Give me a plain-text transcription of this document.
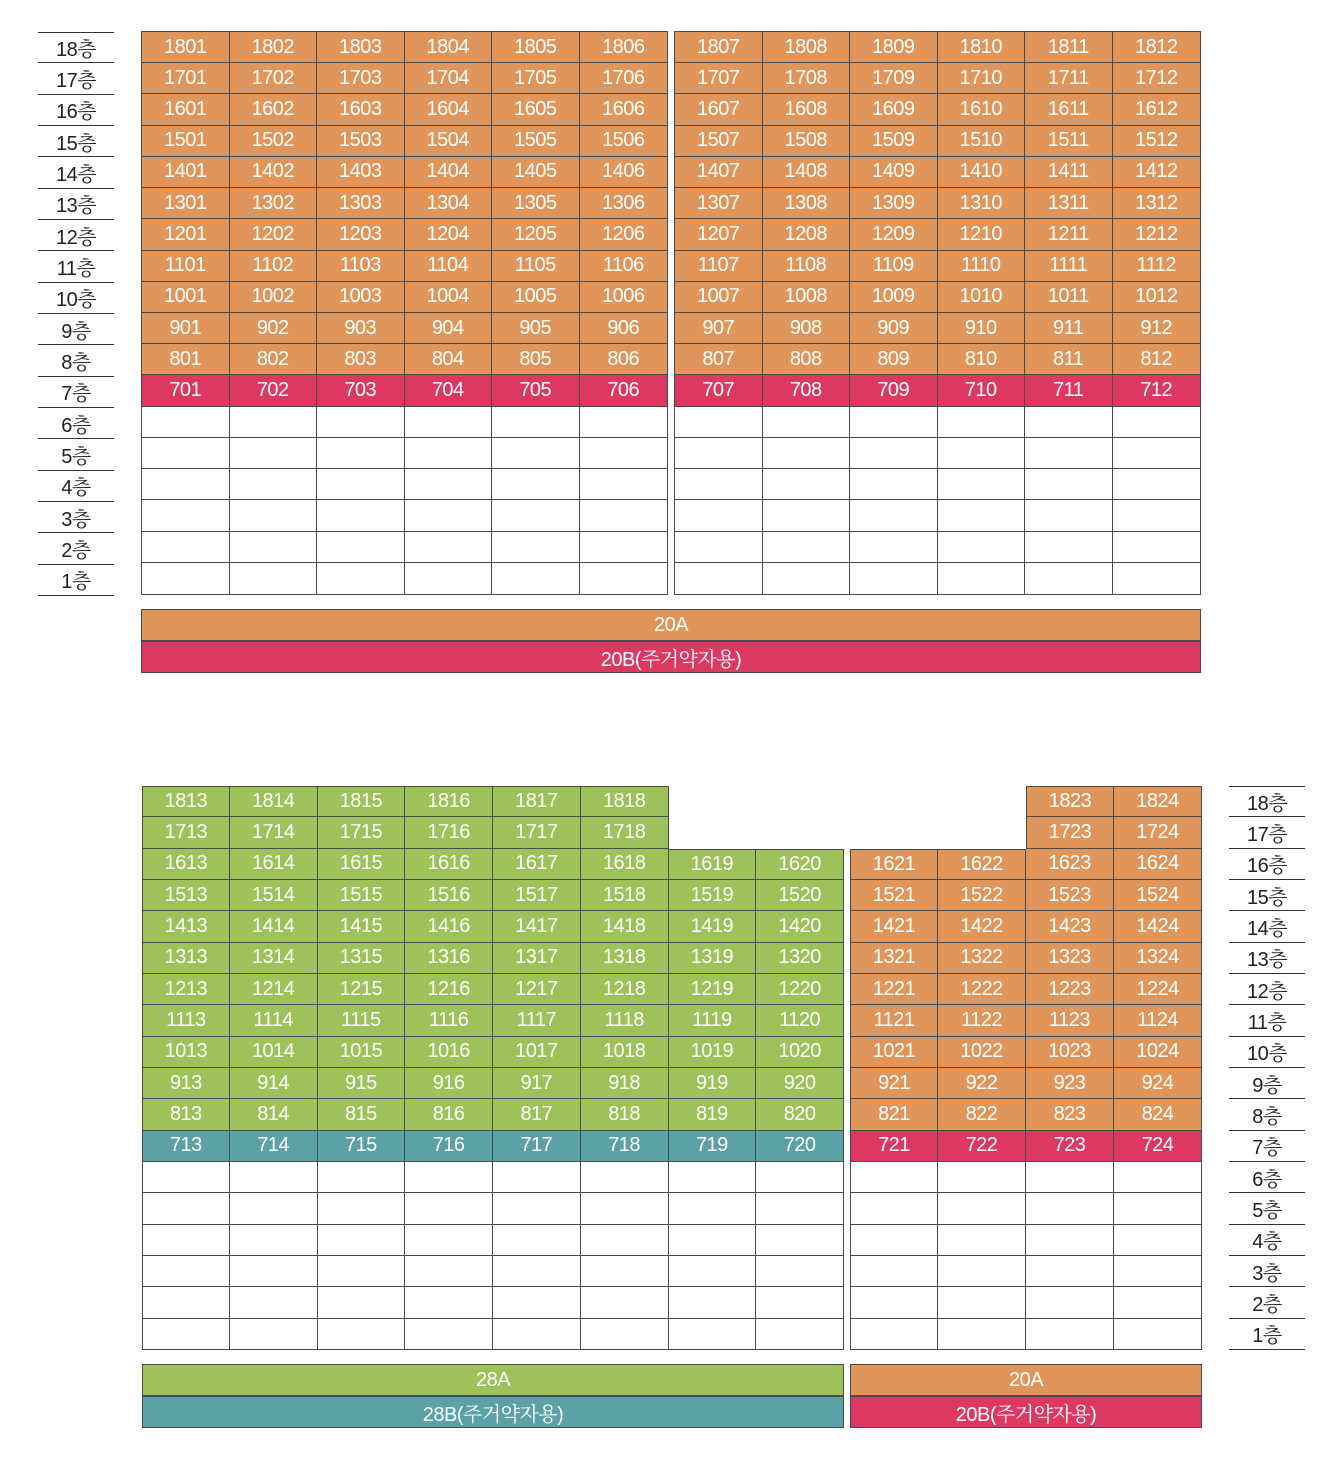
18층
17층
16층
15층
14층
13층
12층
11층
10층
9층
8층
7층
6층
5층
4층
3층
2층
1층
18층
17층
16층
15층
14층
13층
12층
11층
10층
9층
8층
7층
6층
5층
4층
3층
2층
1층
1801	1802	1803	1804	1805	1806
1701	1702	1703	1704	1705	1706
1601	1602	1603	1604	1605	1606
1501	1502	1503	1504	1505	1506
1401	1402	1403	1404	1405	1406
1301	1302	1303	1304	1305	1306
1201	1202	1203	1204	1205	1206
1101	1102	1103	1104	1105	1106
1001	1002	1003	1004	1005	1006
901	902	903	904	905	906
801	802	803	804	805	806
701	702	703	704	705	706
1807	1808	1809	1810	1811	1812
1707	1708	1709	1710	1711	1712
1607	1608	1609	1610	1611	1612
1507	1508	1509	1510	1511	1512
1407	1408	1409	1410	1411	1412
1307	1308	1309	1310	1311	1312
1207	1208	1209	1210	1211	1212
1107	1108	1109	1110	1111	1112
1007	1008	1009	1010	1011	1012
907	908	909	910	911	912
807	808	809	810	811	812
707	708	709	710	711	712
1813	1814	1815	1816	1817	1818
1713	1714	1715	1716	1717	1718
1613	1614	1615	1616	1617	1618	1619	1620
1513	1514	1515	1516	1517	1518	1519	1520
1413	1414	1415	1416	1417	1418	1419	1420
1313	1314	1315	1316	1317	1318	1319	1320
1213	1214	1215	1216	1217	1218	1219	1220
1113	1114	1115	1116	1117	1118	1119	1120
1013	1014	1015	1016	1017	1018	1019	1020
913	914	915	916	917	918	919	920
813	814	815	816	817	818	819	820
713	714	715	716	717	718	719	720
1823	1824
1723	1724
1621	1622	1623	1624
1521	1522	1523	1524
1421	1422	1423	1424
1321	1322	1323	1324
1221	1222	1223	1224
1121	1122	1123	1124
1021	1022	1023	1024
921	922	923	924
821	822	823	824
721	722	723	724
20A
20B(주거약자용)
28A
28B(주거약자용)
20A
20B(주거약자용)
